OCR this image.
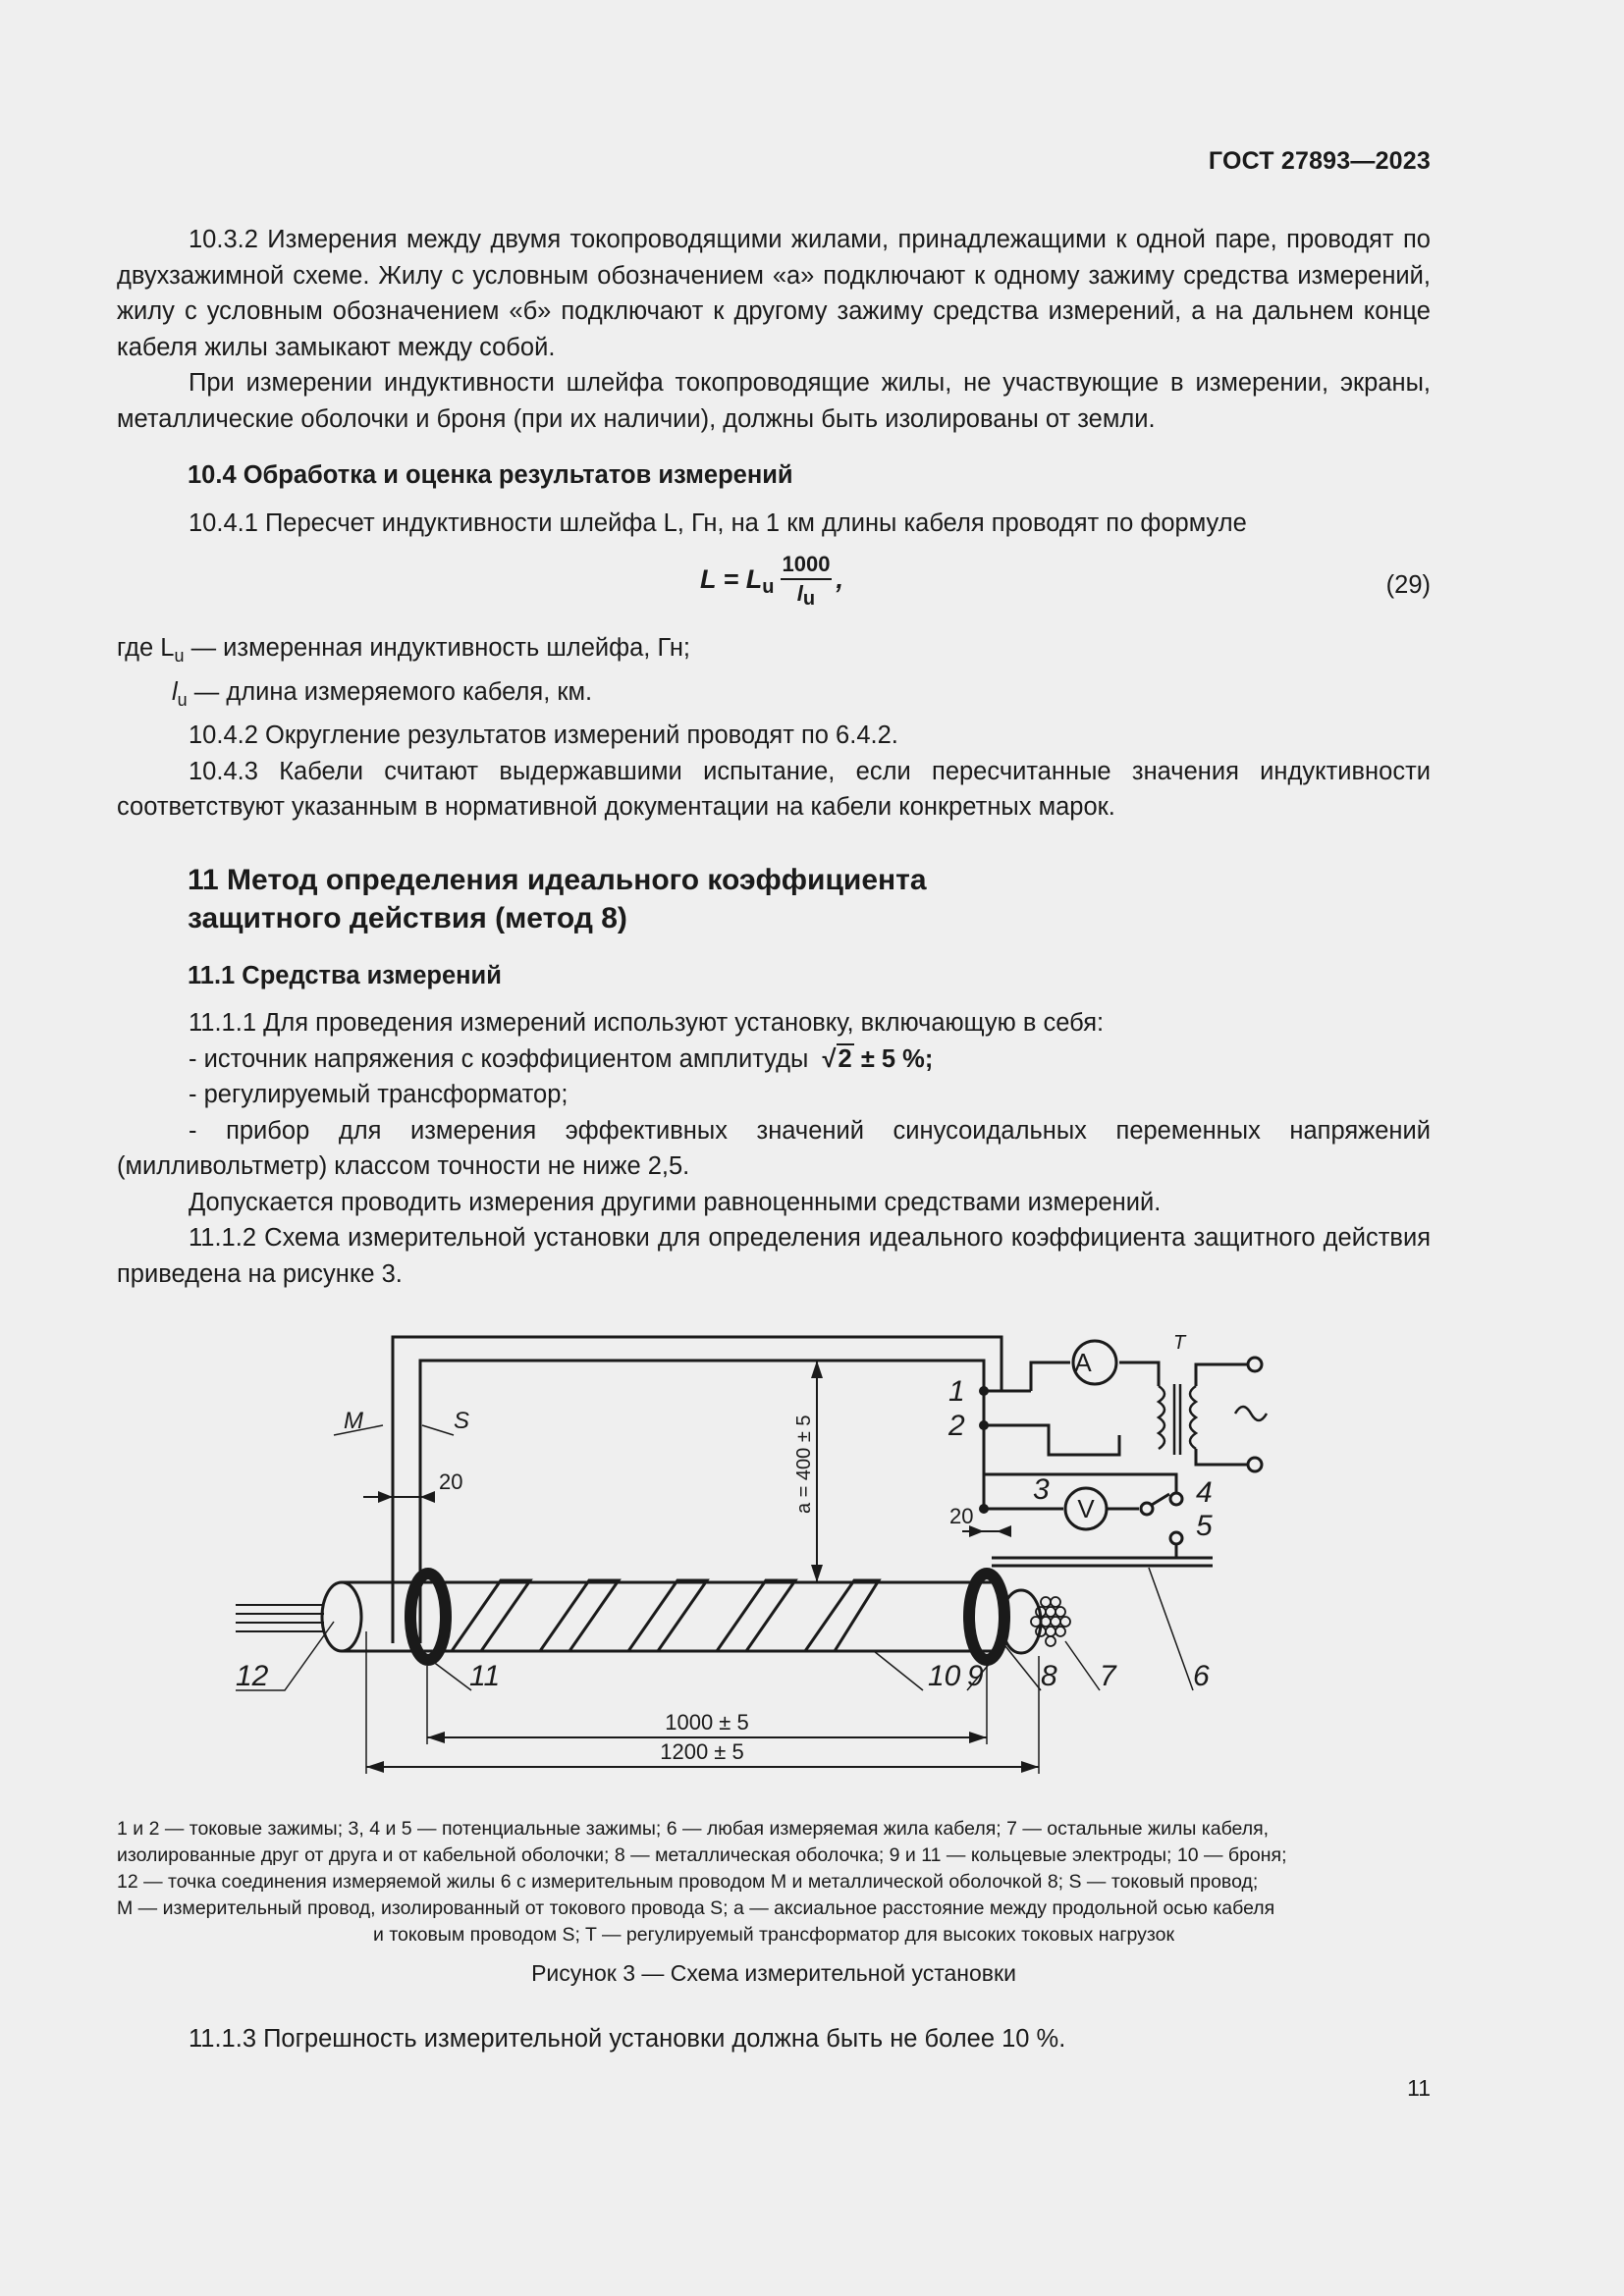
ГОСТ 27893—2023

10.3.2 Измерения между двумя токопроводящими жилами, принадлежащими к одной паре, проводят по двухзажимной схеме. Жилу с условным обозначением «а» подключают к одному зажиму средства измерений, жилу с условным обозначением «б» подключают к другому зажиму средства измерений, а на дальнем конце кабеля жилы замыкают между собой.

При измерении индуктивности шлейфа токопроводящие жилы, не участвующие в измерении, экраны, металлические оболочки и броня (при их наличии), должны быть изолированы от земли.

10.4 Обработка и оценка результатов измерений

10.4.1 Пересчет индуктивности шлейфа L, Гн, на 1 км длины кабеля проводят по формуле

L = L u $\frac{1000}{lu}$ ,	(29)

где $L_u$ — измеренная индуктивность шлейфа, Гн;

$l_u$ — длина измеряемого кабеля, км.

10.4.2 Округление результатов измерений проводят по 6.4.2.

10.4.3 Кабели считают выдержавшими испытание, если пересчитанные значения индуктивности соответствуют указанным в нормативной документации на кабели конкретных марок.

11 Метод определения идеального коэффициента
защитного действия (метод 8)

11.1 Средства измерений

11.1.1 Для проведения измерений используют установку, включающую в себя:

- источник напряжения с коэффициентом амплитуды √2 ± 5 %;

- регулируемый трансформатор;

- прибор для измерения эффективных значений синусоидальных переменных напряжений (милливольтметр) классом точности не ниже 2,5.

Допускается проводить измерения другими равноценными средствами измерений.

11.1.2 Схема измерительной установки для определения идеального коэффициента защитного действия приведена на рисунке 3.

M	S
T
1
2
3	4
5
6
7
8
9
10
11
12
A
V
20
20
1000 ± 5
1200 ± 5
a = 400 ± 5
1 и 2 — токовые зажимы; 3, 4 и 5 — потенциальные зажимы; 6 — любая измеряемая жила кабеля; 7 — остальные жилы кабеля,
изолированные друг от друга и от кабельной оболочки; 8 — металлическая оболочка; 9 и 11 — кольцевые электроды; 10 — броня;
12 — точка соединения измеряемой жилы 6 с измерительным проводом M и металлической оболочкой 8; S — токовый провод;
M — измерительный провод, изолированный от токового провода S; a — аксиальное расстояние между продольной осью кабеля
и токовым проводом S; T — регулируемый трансформатор для высоких токовых нагрузок
Рисунок 3 — Схема измерительной установки
11.1.3 Погрешность измерительной установки должна быть не более 10 %.
11
